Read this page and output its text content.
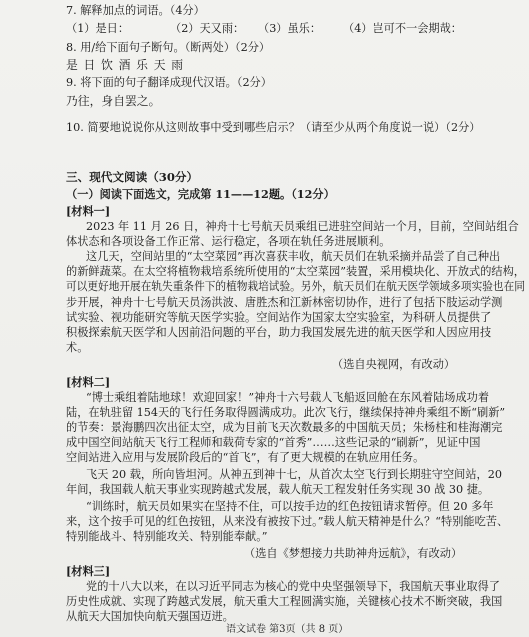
7. 解释加点的词语。（4分）
（1）是日：	（2）天又雨： （3）虽乐： （4）岂可不一会期哉：
8. 用/给下面句子断句。（断两处）（2分）
是 日 饮 酒 乐 天 雨
9. 将下面的句子翻译成现代汉语。（2分）
乃往，身自罢之。
10. 简要地说说你从这则故事中受到哪些启示？（请至少从两个角度说一说）（2分）
三、现代文阅读（30分）
（一）阅读下面选文，完成第 11——12题。（12分）
[材料一]
2023 年 11 月 26 日，神舟十七号航天员乘组已进驻空间站一个月，目前，空间站组合
体状态和各项设备工作正常、运行稳定，各项在轨任务进展顺利。
这几天，空间站里的“太空菜园”再次喜获丰收，航天员们在轨采摘并品尝了自己种出
的新鲜蔬菜。在太空将植物栽培系统所使用的“太空菜园”装置，采用模块化、开放式的结构，
可以更好地开展在轨失重条件下的植物栽培试验。另外，航天员们在航天医学领域多项实验也在同
步开展，神舟十七号航天员汤洪波、唐胜杰和江新林密切协作，进行了包括下肢运动学测
试实验、视功能研究等航天医学实验。空间站作为国家太空实验室，为科研人员提供了
积极探索航天医学和人因前沿问题的平台，助力我国发展先进的航天医学和人因应用技
术。
（选自央视网，有改动）
[材料二]
“博士乘组着陆地球！欢迎回家！”神舟十六号载人飞船返回舱在东风着陆场成功着
陆，在轨驻留 154天的飞行任务取得圆满成功。此次飞行，继续保持神舟乘组不断“刷新”
的节奏：景海鹏四次出征太空，成为目前飞天次数最多的中国航天员；朱杨柱和桂海潮完
成中国空间站航天飞行工程师和载荷专家的“首秀”……这些记录的“刷新”，见证中国
空间站进入应用与发展阶段后的“首飞”，有了更大规模的在轨应用任务。
飞天 20 载，所向皆坦河。从神五到神十七，从首次太空飞行到长期驻守空间站，20
年间，我国载人航天事业实现跨越式发展，载人航天工程发射任务实现 30 战 30 捷。
“训练时，航天员如果实在坚持不住，可以按手边的红色按钮请求暂停。但 20 多年
来，这个按手可见的红色按钮，从来没有被按下过。”载人航天精神是什么？“特别能吃苦、
特别能战斗、特别能攻关、特别能奉献。”
（选自《梦想接力共助神舟远航》，有改动）
[材料三]
党的十八大以来，在以习近平同志为核心的党中央坚强领导下，我国航天事业取得了
历史性成就、实现了跨越式发展，航天重大工程圆满实施，关键核心技术不断突破，我国
从航天大国加快向航天强国迈进。
语文试卷 第3页（共 8 页）
